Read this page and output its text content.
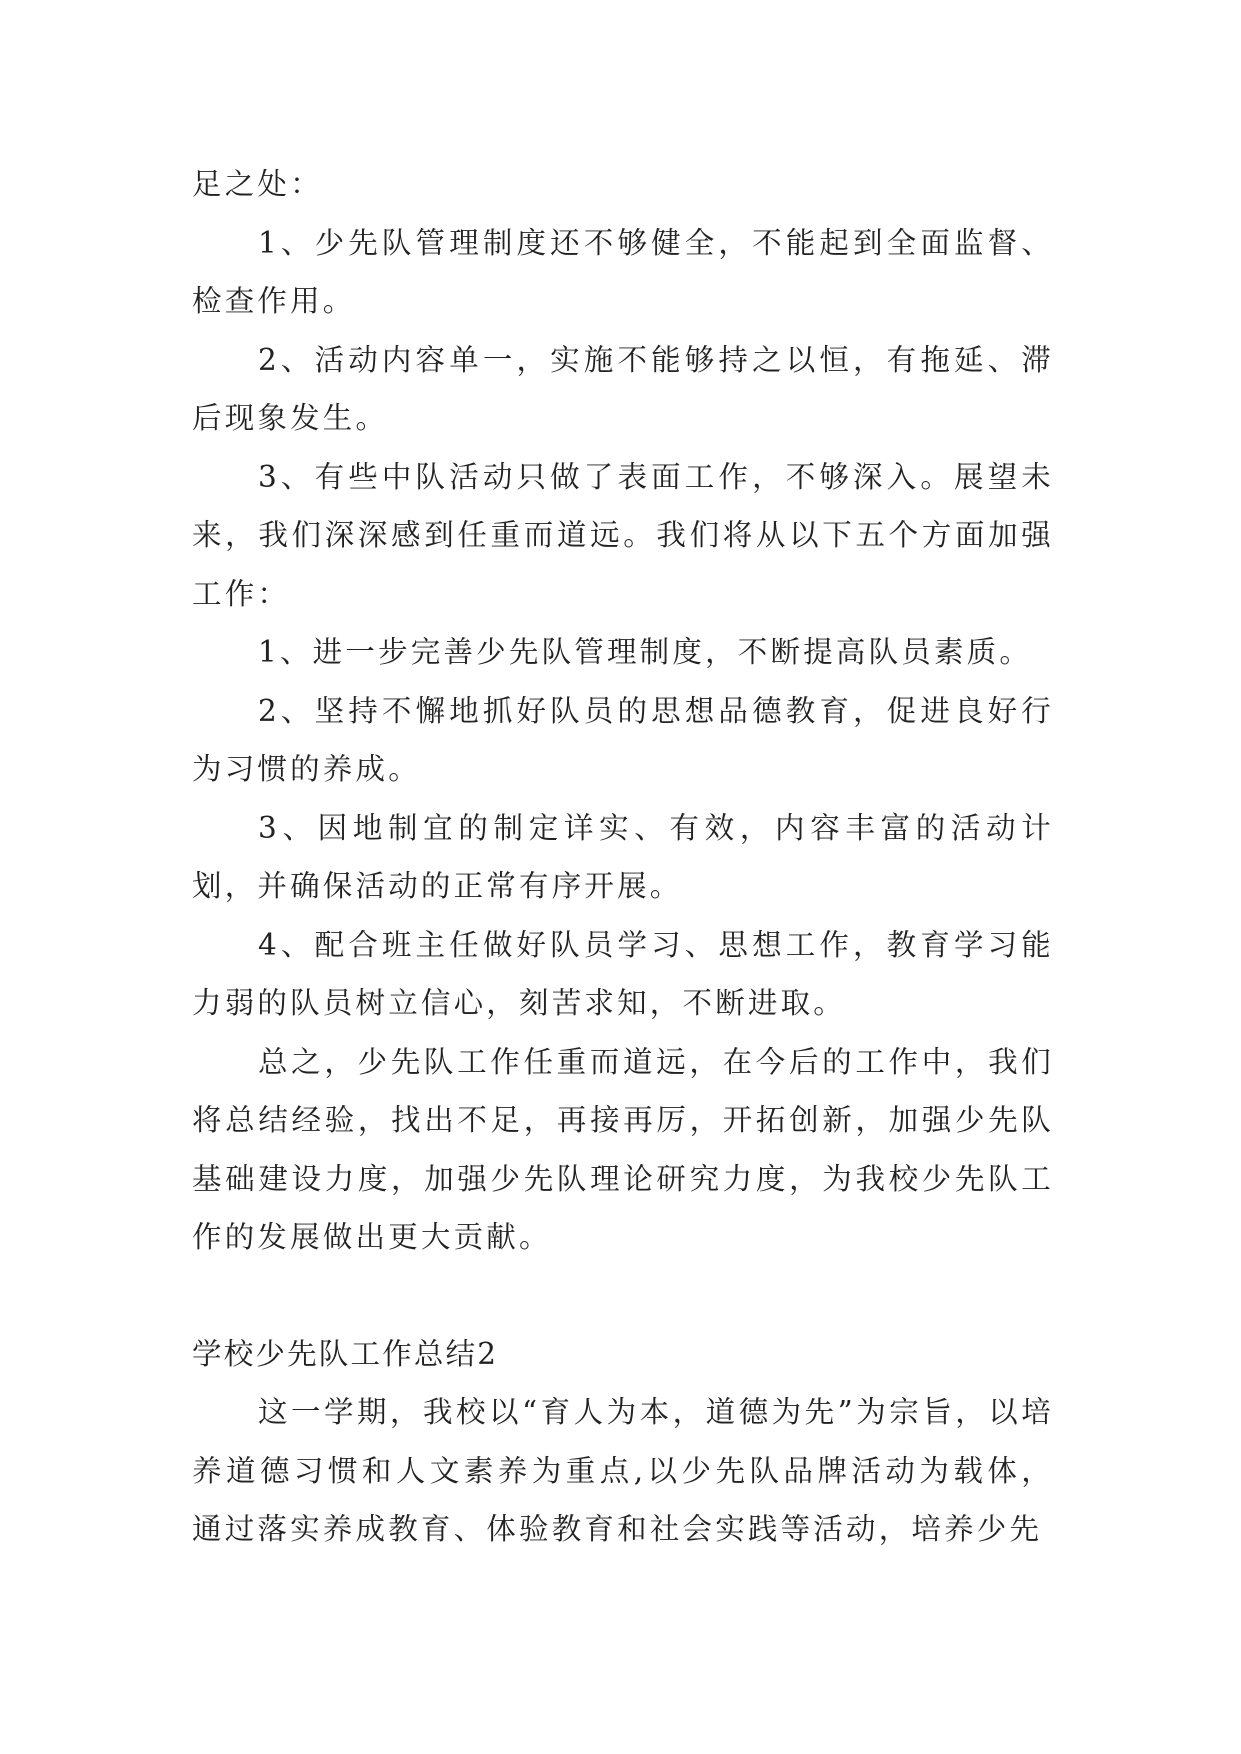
足之处：

1、少先队管理制度还不够健全，不能起到全面监督、检查作用。

2、活动内容单一，实施不能够持之以恒，有拖延、滞后现象发生。

3、有些中队活动只做了表面工作，不够深入。展望未来，我们深深感到任重而道远。我们将从以下五个方面加强工作：

1、进一步完善少先队管理制度，不断提高队员素质。

2、坚持不懈地抓好队员的思想品德教育，促进良好行为习惯的养成。

3、因地制宜的制定详实、有效，内容丰富的活动计划，并确保活动的正常有序开展。

4、配合班主任做好队员学习、思想工作，教育学习能力弱的队员树立信心，刻苦求知，不断进取。

总之，少先队工作任重而道远，在今后的工作中，我们将总结经验，找出不足，再接再厉，开拓创新，加强少先队基础建设力度，加强少先队理论研究力度，为我校少先队工作的发展做出更大贡献。

学校少先队工作总结2

这一学期，我校以“育人为本，道德为先”为宗旨，以培养道德习惯和人文素养为重点,以少先队品牌活动为载体，通过落实养成教育、体验教育和社会实践等活动，培养少先
